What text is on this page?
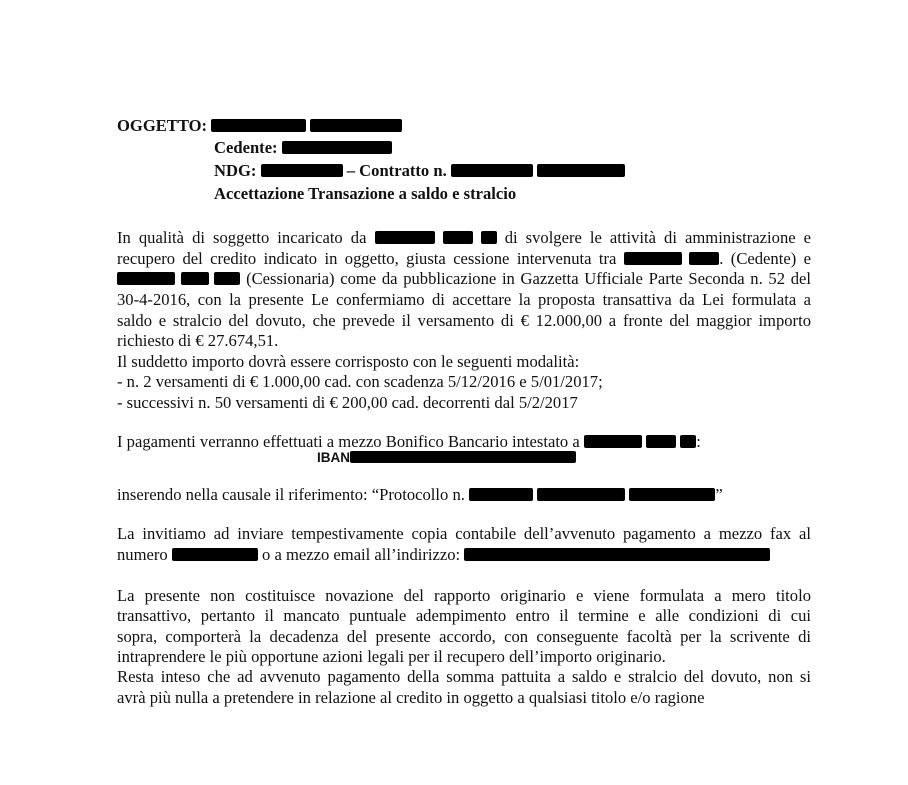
OGGETTO:
Cedente:
NDG:	– Contratto n.
Accettazione Transazione a saldo e stralcio
In qualità di soggetto incaricato da	di svolgere le attività di amministrazione e
recupero del credito indicato in oggetto, giusta cessione intervenuta tra	. (Cedente) e
(Cessionaria) come da pubblicazione in Gazzetta Ufficiale Parte Seconda n. 52 del
30-4-2016, con la presente Le confermiamo di accettare la proposta transattiva da Lei formulata a
saldo e stralcio del dovuto, che prevede il versamento di € 12.000,00 a fronte del maggior importo
richiesto di € 27.674,51.
Il suddetto importo dovrà essere corrisposto con le seguenti modalità:
- n. 2 versamenti di € 1.000,00 cad. con scadenza 5/12/2016 e 5/01/2017;
- successivi n. 50 versamenti di € 200,00 cad. decorrenti dal 5/2/2017
I pagamenti verranno effettuati a mezzo Bonifico Bancario intestato a	:
IBAN
inserendo nella causale il riferimento: “Protocollo n.	”
La invitiamo ad inviare tempestivamente copia contabile dell’avvenuto pagamento a mezzo fax al
numero	o a mezzo email all’indirizzo:
La presente non costituisce novazione del rapporto originario e viene formulata a mero titolo
transattivo, pertanto il mancato puntuale adempimento entro il termine e alle condizioni di cui
sopra, comporterà la decadenza del presente accordo, con conseguente facoltà per la scrivente di
intraprendere le più opportune azioni legali per il recupero dell’importo originario.
Resta inteso che ad avvenuto pagamento della somma pattuita a saldo e stralcio del dovuto, non si
avrà più nulla a pretendere in relazione al credito in oggetto a qualsiasi titolo e/o ragione
